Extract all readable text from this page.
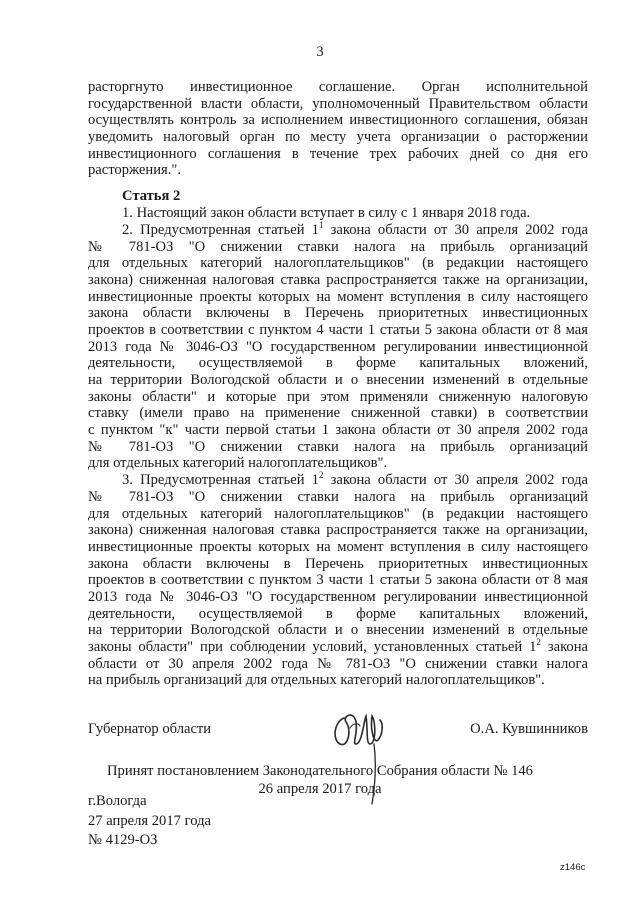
3
расторгнуто инвестиционное соглашение. Орган исполнительной
государственной власти области, уполномоченный Правительством области
осуществлять контроль за исполнением инвестиционного соглашения, обязан
уведомить налоговый орган по месту учета организации о расторжении
инвестиционного соглашения в течение трех рабочих дней со дня его
расторжения.".
Статья 2
1. Настоящий закон области вступает в силу с 1 января 2018 года.
2. Предусмотренная статьей $1^1$ закона области от 30 апреля 2002 года
№ 781-ОЗ "О снижении ставки налога на прибыль организаций
для отдельных категорий налогоплательщиков" (в редакции настоящего
закона) сниженная налоговая ставка распространяется также на организации,
инвестиционные проекты которых на момент вступления в силу настоящего
закона области включены в Перечень приоритетных инвестиционных
проектов в соответствии с пунктом 4 части 1 статьи 5 закона области от 8 мая
2013 года № 3046-ОЗ "О государственном регулировании инвестиционной
деятельности, осуществляемой в форме капитальных вложений,
на территории Вологодской области и о внесении изменений в отдельные
законы области" и которые при этом применяли сниженную налоговую
ставку (имели право на применение сниженной ставки) в соответствии
с пунктом "к" части первой статьи 1 закона области от 30 апреля 2002 года
№ 781-ОЗ "О снижении ставки налога на прибыль организаций
для отдельных категорий налогоплательщиков".
3. Предусмотренная статьей $1^2$ закона области от 30 апреля 2002 года
№ 781-ОЗ "О снижении ставки налога на прибыль организаций
для отдельных категорий налогоплательщиков" (в редакции настоящего
закона) сниженная налоговая ставка распространяется также на организации,
инвестиционные проекты которых на момент вступления в силу настоящего
закона области включены в Перечень приоритетных инвестиционных
проектов в соответствии с пунктом 3 части 1 статьи 5 закона области от 8 мая
2013 года № 3046-ОЗ "О государственном регулировании инвестиционной
деятельности, осуществляемой в форме капитальных вложений,
на территории Вологодской области и о внесении изменений в отдельные
законы области" при соблюдении условий, установленных статьей $1^2$ закона
области от 30 апреля 2002 года № 781-ОЗ "О снижении ставки налога
на прибыль организаций для отдельных категорий налогоплательщиков".
Губернатор области	О.А. Кувшинников
Принят постановлением Законодательного Собрания области № 146
26 апреля 2017 года
г.Вологда
27 апреля 2017 года
№ 4129-ОЗ
z146c
